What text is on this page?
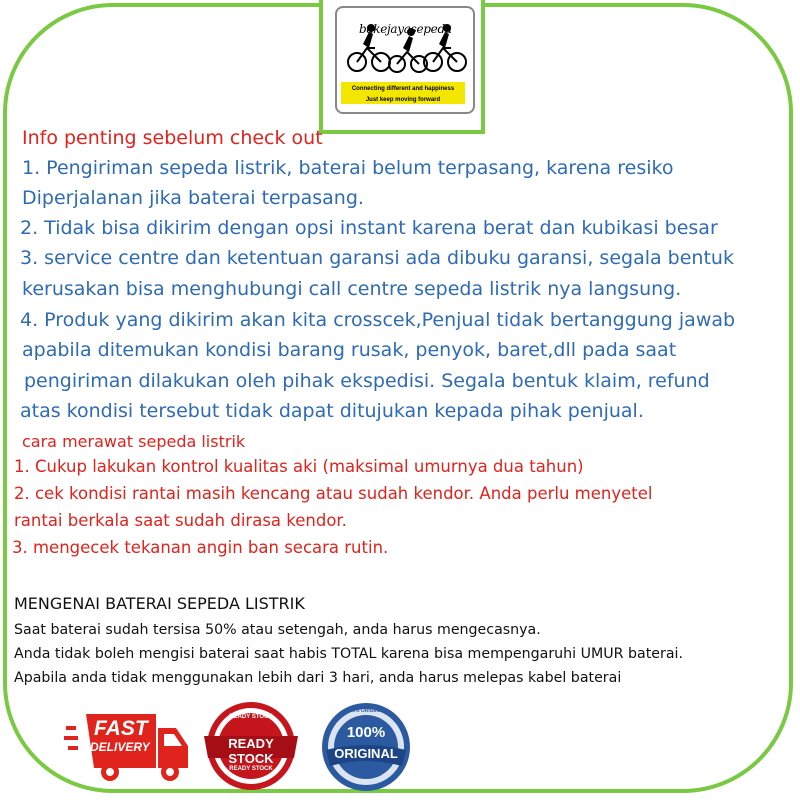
bakejayasepeda
Connecting different and happiness
Just keep moving forward
Info penting sebelum check out
1. Pengiriman sepeda listrik, baterai belum terpasang, karena resiko
Diperjalanan jika baterai terpasang.
2. Tidak bisa dikirim dengan opsi instant karena berat dan kubikasi besar
3. service centre dan ketentuan garansi ada dibuku garansi, segala bentuk
kerusakan bisa menghubungi call centre sepeda listrik nya langsung.
4. Produk yang dikirim akan kita crosscek,Penjual tidak bertanggung jawab
apabila ditemukan kondisi barang rusak, penyok, baret,dll pada saat
pengiriman dilakukan oleh pihak ekspedisi. Segala bentuk klaim, refund
atas kondisi tersebut tidak dapat ditujukan kepada pihak penjual.
cara merawat sepeda listrik
1. Cukup lakukan kontrol kualitas aki (maksimal umurnya dua tahun)
2. cek kondisi rantai masih kencang atau sudah kendor. Anda perlu menyetel
rantai berkala saat sudah dirasa kendor.
3. mengecek tekanan angin ban secara rutin.
MENGENAI BATERAI SEPEDA LISTRIK
Saat baterai sudah tersisa 50% atau setengah, anda harus mengecasnya.
Anda tidak boleh mengisi baterai saat habis TOTAL karena bisa mempengaruhi UMUR baterai.
Apabila anda tidak menggunakan lebih dari 3 hari, anda harus melepas kabel baterai
FAST
DELIVERY	READY STOCK
READY STOCK
READY STOCK
100%
ORIGINAL
100% ORIGINAL
